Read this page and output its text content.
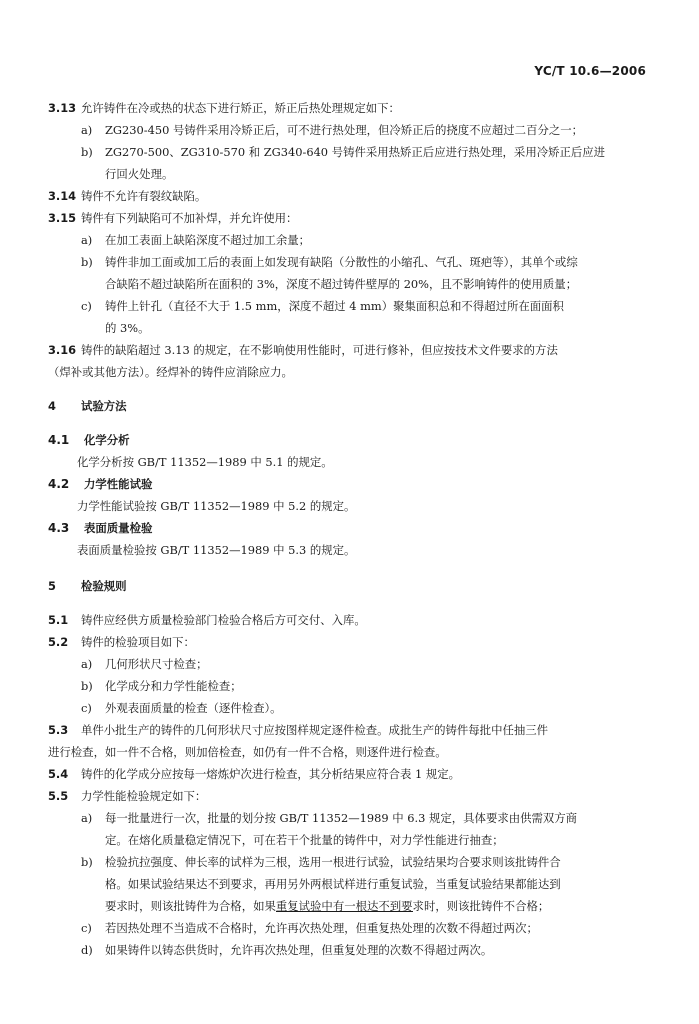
YC/T 10.6—2006

3.13 允许铸件在冷或热的状态下进行矫正，矫正后热处理规定如下：

a) ZG230-450 号铸件采用冷矫正后，可不进行热处理，但冷矫正后的挠度不应超过二百分之一；
b) ZG270-500、ZG310-570 和 ZG340-640 号铸件采用热矫正后应进行热处理，采用冷矫正后应进
行回火处理。

3.14 铸件不允许有裂纹缺陷。

3.15 铸件有下列缺陷可不加补焊，并允许使用：

a) 在加工表面上缺陷深度不超过加工余量；
b) 铸件非加工面或加工后的表面上如发现有缺陷（分散性的小缩孔、气孔、斑疤等），其单个或综
合缺陷不超过缺陷所在面积的 3%，深度不超过铸件壁厚的 20%，且不影响铸件的使用质量；
c) 铸件上针孔（直径不大于 1.5 mm，深度不超过 4 mm）聚集面积总和不得超过所在面面积
的 3%。

3.16 铸件的缺陷超过 3.13 的规定，在不影响使用性能时，可进行修补，但应按技术文件要求的方法

（焊补或其他方法）。经焊补的铸件应消除应力。

4 试验方法

4.1 化学分析

化学分析按 GB/T 11352—1989 中 5.1 的规定。

4.2 力学性能试验

力学性能试验按 GB/T 11352—1989 中 5.2 的规定。

4.3 表面质量检验

表面质量检验按 GB/T 11352—1989 中 5.3 的规定。

5 检验规则

5.1 铸件应经供方质量检验部门检验合格后方可交付、入库。

5.2 铸件的检验项目如下：

a) 几何形状尺寸检查；
b) 化学成分和力学性能检查；
c) 外观表面质量的检查（逐件检查）。

5.3 单件小批生产的铸件的几何形状尺寸应按图样规定逐件检查。成批生产的铸件每批中任抽三件

进行检查，如一件不合格，则加倍检查，如仍有一件不合格，则逐件进行检查。

5.4 铸件的化学成分应按每一熔炼炉次进行检查，其分析结果应符合表 1 规定。

5.5 力学性能检验规定如下：

a) 每一批量进行一次，批量的划分按 GB/T 11352—1989 中 6.3 规定，具体要求由供需双方商
定。在熔化质量稳定情况下，可在若干个批量的铸件中，对力学性能进行抽查；
b) 检验抗拉强度、伸长率的试样为三根，选用一根进行试验，试验结果均合要求则该批铸件合
格。如果试验结果达不到要求，再用另外两根试样进行重复试验，当重复试验结果都能达到
要求时，则该批铸件为合格，如果重复试验中有一根达不到要求时，则该批铸件不合格；
c) 若因热处理不当造成不合格时，允许再次热处理，但重复热处理的次数不得超过两次；
d) 如果铸件以铸态供货时，允许再次热处理，但重复处理的次数不得超过两次。
